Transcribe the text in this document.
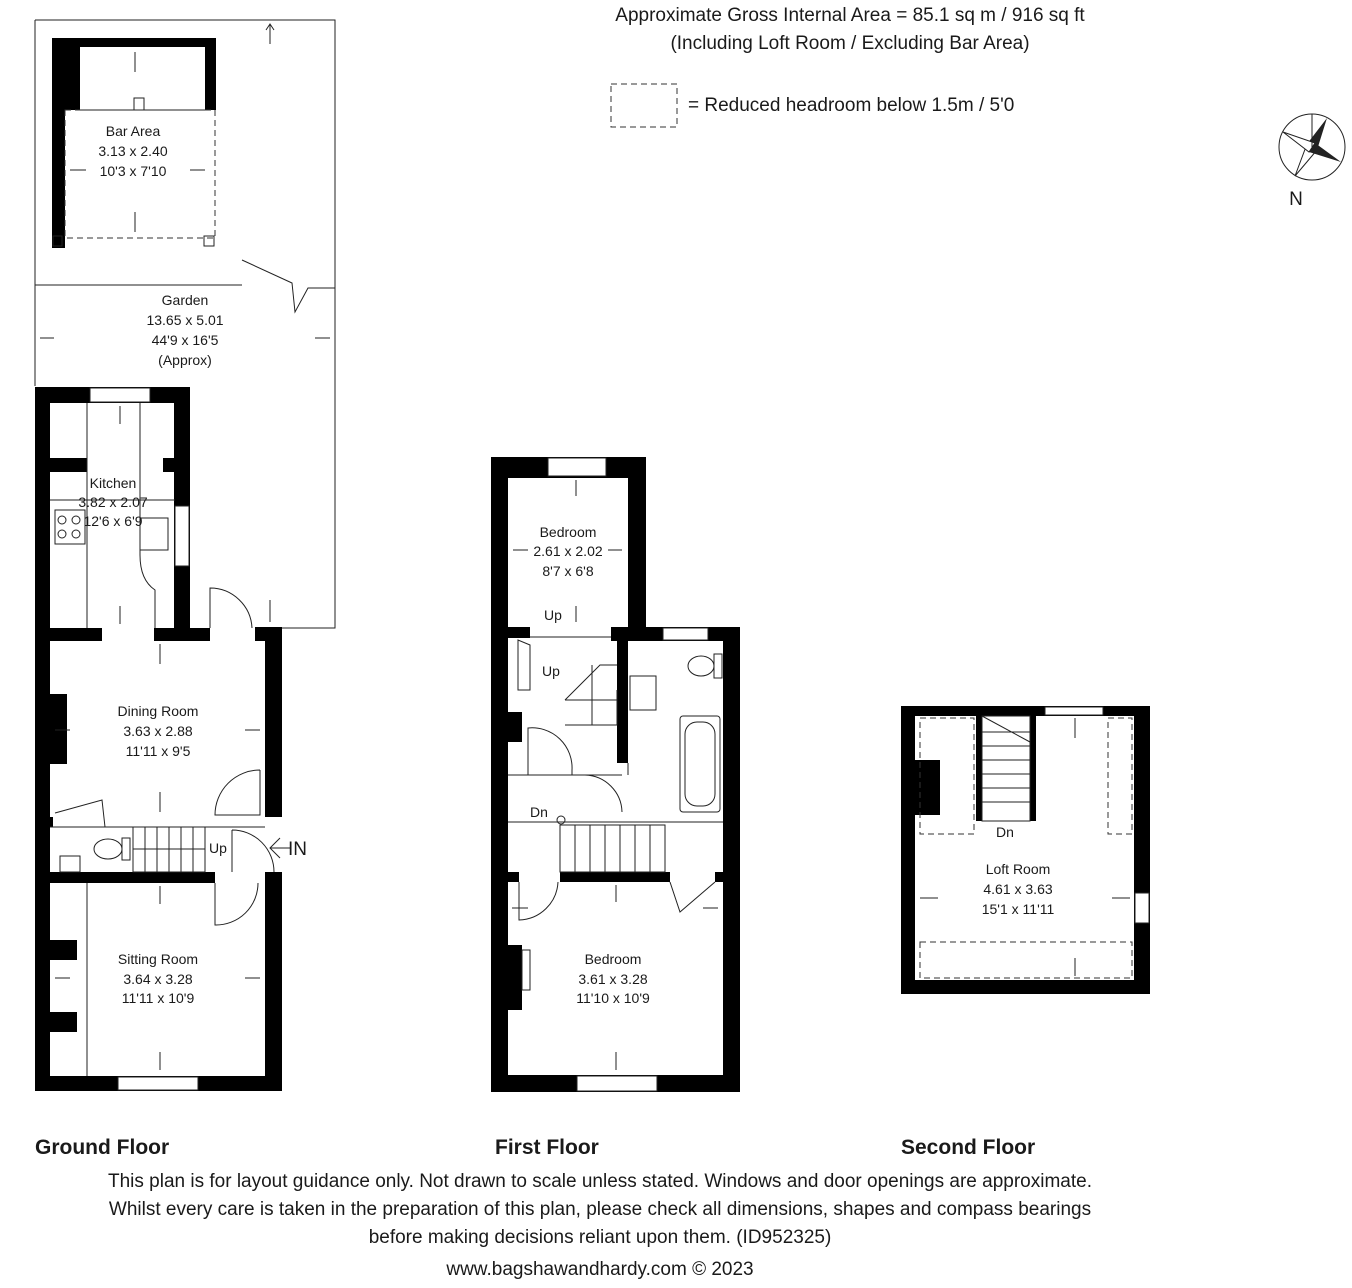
Approximate Gross Internal Area = 85.1 sq m / 916 sq ft
(Including Loft Room / Excluding Bar Area)
= Reduced headroom below 1.5m / 5'0
N
IN
Up
Up
Up
Dn
Dn
Bar Area
3.13 x 2.40
10'3 x 7'10
Garden
13.65 x 5.01
44'9 x 16'5
(Approx)
Kitchen
3.82 x 2.07
12'6 x 6'9
Dining Room
3.63 x 2.88
11'11 x 9'5
Sitting Room
3.64 x 3.28
11'11 x 10'9
Bedroom
2.61 x 2.02
8'7 x 6'8
Bedroom
3.61 x 3.28
11'10 x 10'9
Loft Room
4.61 x 3.63
15'1 x 11'11
Ground Floor	First Floor	Second Floor
This plan is for layout guidance only. Not drawn to scale unless stated. Windows and door openings are approximate.
Whilst every care is taken in the preparation of this plan, please check all dimensions, shapes and compass bearings
before making decisions reliant upon them. (ID952325)
www.bagshawandhardy.com © 2023
